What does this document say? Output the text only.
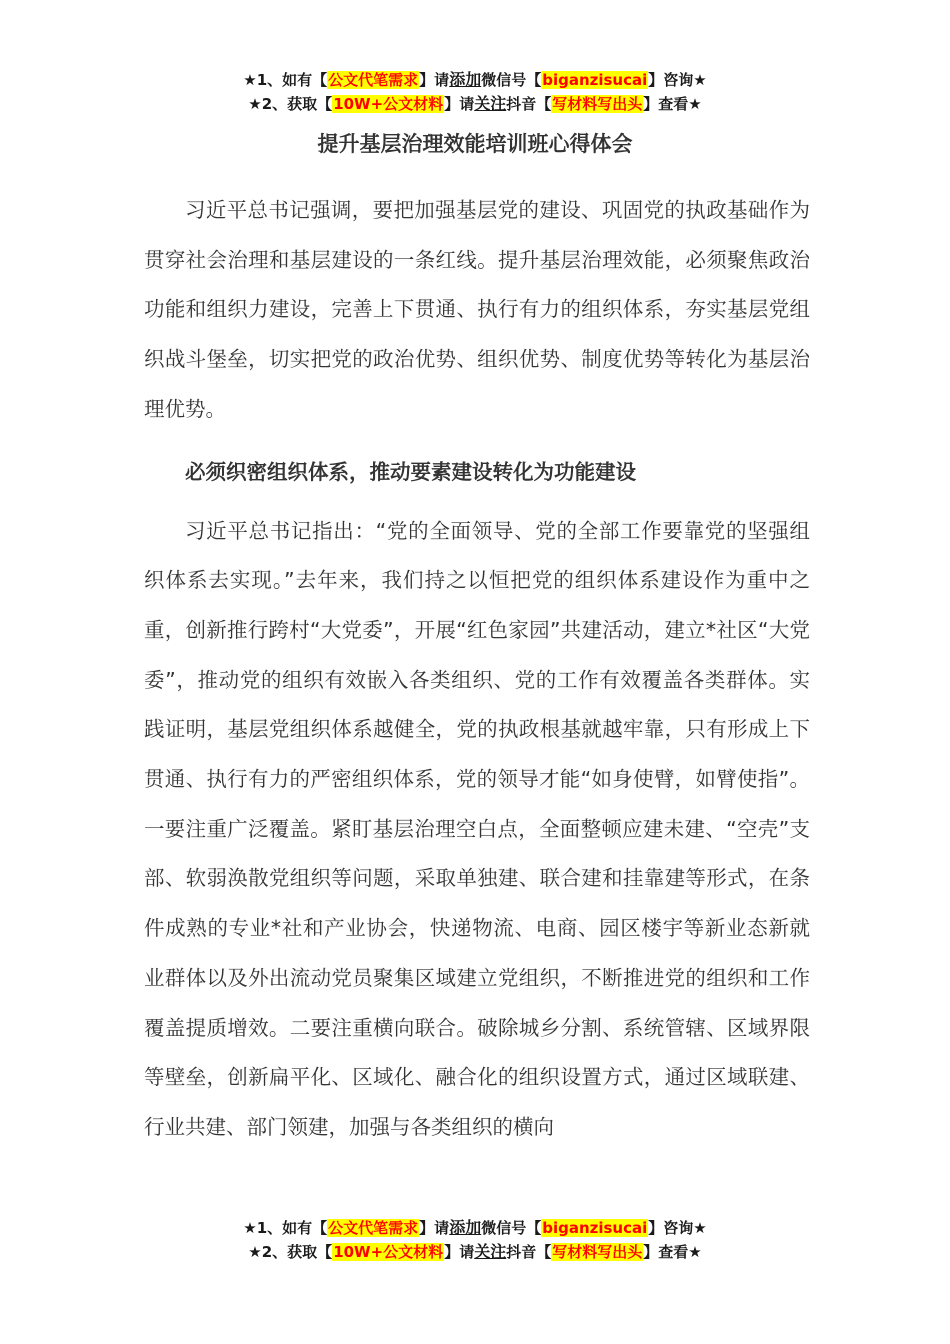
★1、如有【公文代笔需求】请添加微信号【biganzisucai】咨询★
★2、获取【10W+公文材料】请关注抖音【写材料写出头】查看★
提升基层治理效能培训班心得体会

习近平总书记强调，要把加强基层党的建设、巩固党的执政基础作为贯穿社会治理和基层建设的一条红线。提升基层治理效能，必须聚焦政治功能和组织力建设，完善上下贯通、执行有力的组织体系，夯实基层党组织战斗堡垒，切实把党的政治优势、组织优势、制度优势等转化为基层治理优势。

必须织密组织体系，推动要素建设转化为功能建设

习近平总书记指出：“党的全面领导、党的全部工作要靠党的坚强组织体系去实现。”去年来，我们持之以恒把党的组织体系建设作为重中之重，创新推行跨村“大党委”，开展“红色家园”共建活动，建立*社区“大党委”，推动党的组织有效嵌入各类组织、党的工作有效覆盖各类群体。实践证明，基层党组织体系越健全，党的执政根基就越牢靠，只有形成上下贯通、执行有力的严密组织体系，党的领导才能“如身使臂，如臂使指”。一要注重广泛覆盖。紧盯基层治理空白点，全面整顿应建未建、“空壳”支部、软弱涣散党组织等问题，采取单独建、联合建和挂靠建等形式，在条件成熟的专业*社和产业协会，快递物流、电商、园区楼宇等新业态新就业群体以及外出流动党员聚集区域建立党组织，不断推进党的组织和工作覆盖提质增效。二要注重横向联合。破除城乡分割、系统管辖、区域界限等壁垒，创新扁平化、区域化、融合化的组织设置方式，通过区域联建、行业共建、部门领建，加强与各类组织的横向

★1、如有【公文代笔需求】请添加微信号【biganzisucai】咨询★
★2、获取【10W+公文材料】请关注抖音【写材料写出头】查看★
